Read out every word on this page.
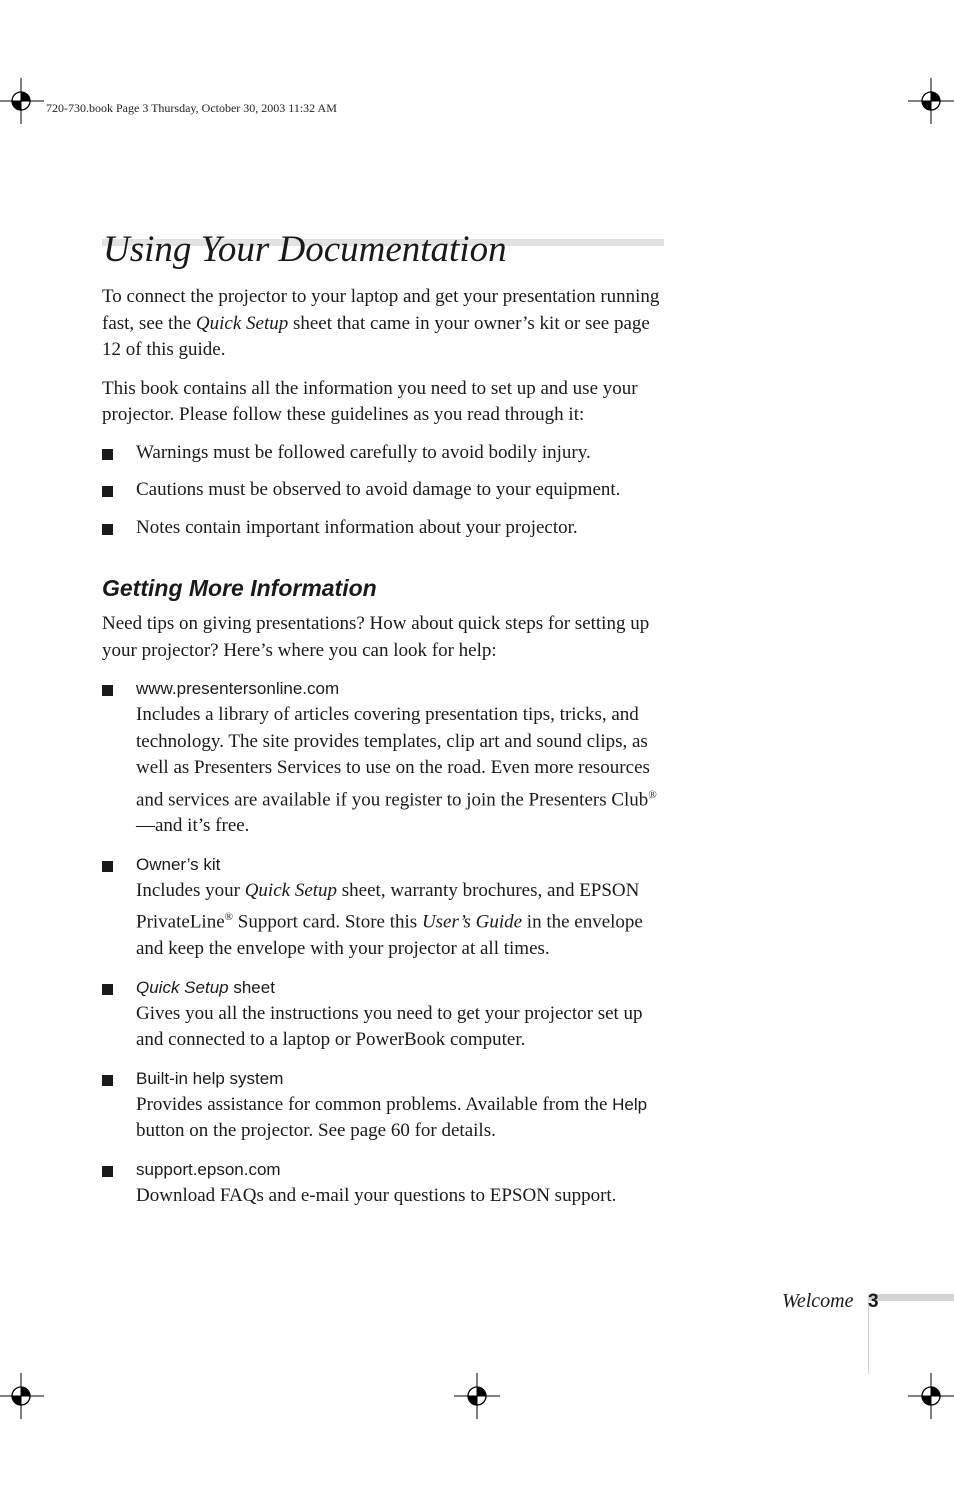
720-730.book Page 3 Thursday, October 30, 2003 11:32 AM
Using Your Documentation

To connect the projector to your laptop and get your presentation running fast, see the Quick Setup sheet that came in your owner’s kit or see page 12 of this guide.

This book contains all the information you need to set up and use your projector. Please follow these guidelines as you read through it:

Warnings must be followed carefully to avoid bodily injury.
Cautions must be observed to avoid damage to your equipment.
Notes contain important information about your projector.
Getting More Information

Need tips on giving presentations? How about quick steps for setting up your projector? Here’s where you can look for help:

www.presentersonline.com
Includes a library of articles covering presentation tips, tricks, and technology. The site provides templates, clip art and sound clips, as well as Presenters Services to use on the road. Even more resources and services are available if you register to join the Presenters Club®—and it’s free.
Owner’s kit
Includes your Quick Setup sheet, warranty brochures, and EPSON PrivateLine® Support card. Store this User’s Guide in the envelope and keep the envelope with your projector at all times.
Quick Setup sheet
Gives you all the instructions you need to get your projector set up and connected to a laptop or PowerBook computer.
Built-in help system
Provides assistance for common problems. Available from the Help button on the projector. See page 60 for details.
support.epson.com
Download FAQs and e-mail your questions to EPSON support.
Welcome 3
